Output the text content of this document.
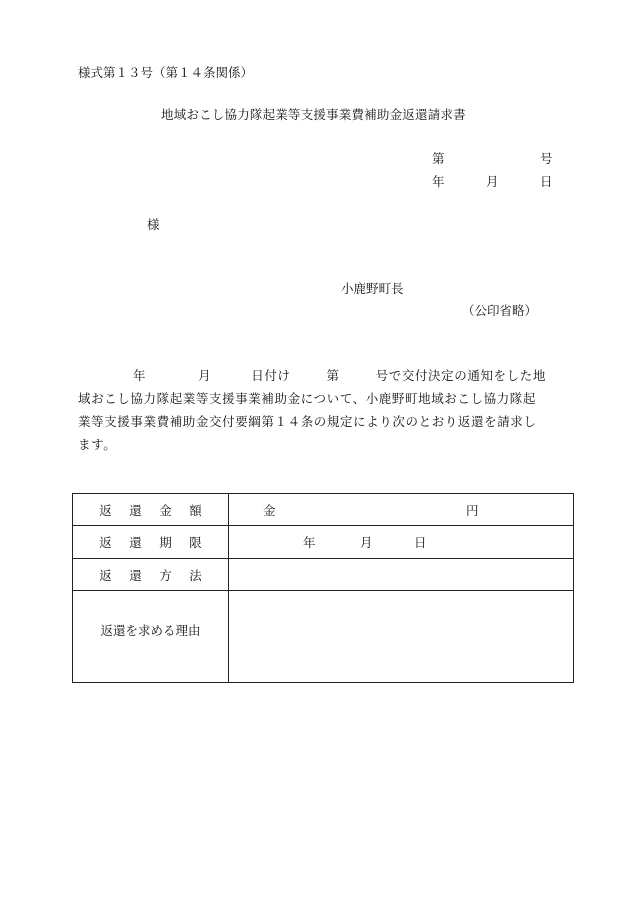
様式第１３号（第１４条関係）
地域おこし協力隊起業等支援事業費補助金返還請求書
第	号
年	月	日
様
小鹿野町長
（公印省略）
年	月	日付け	第	号で交付決定の通知をした地
域おこし協力隊起業等支援事業補助金について、小鹿野町地域おこし協力隊起
業等支援事業費補助金交付要綱第１４条の規定により次のとおり返還を請求し
ます。
返 還 金 額	金 円

返 還 期 限	年 月 日

返 還 方 法	
返還を求める理由	
